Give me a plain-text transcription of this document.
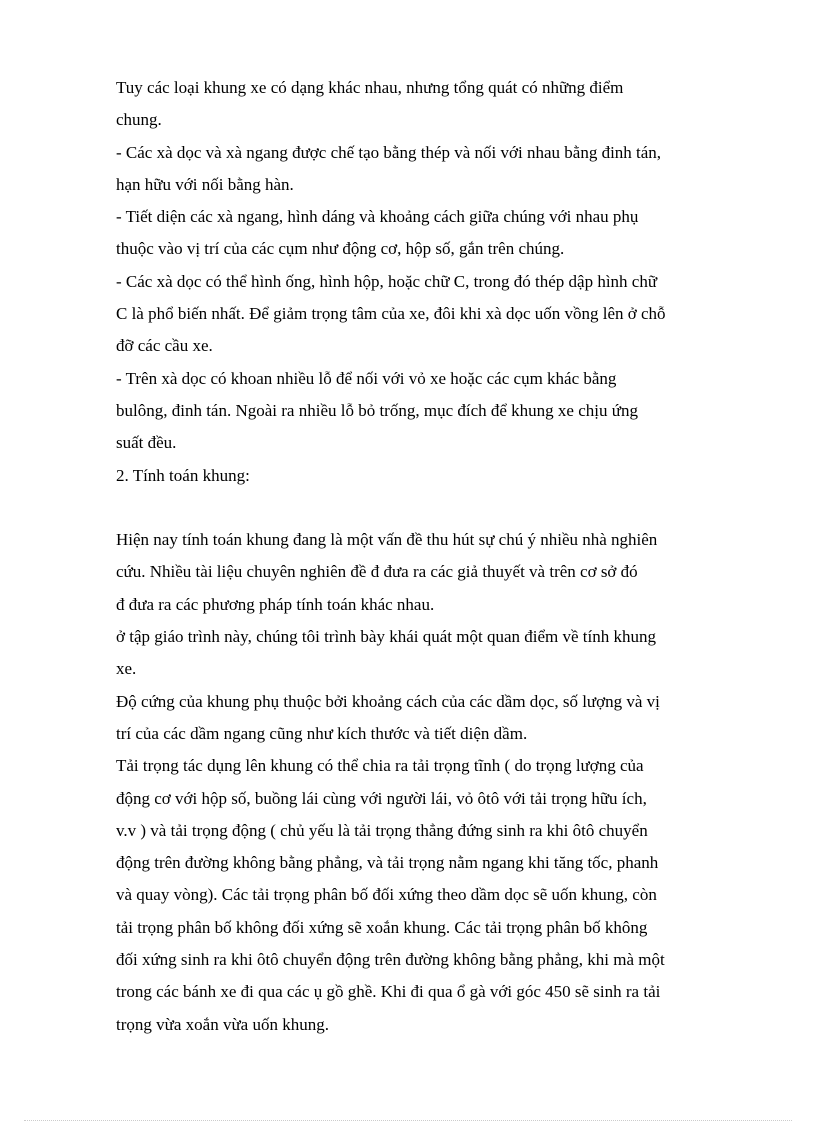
Tuy các loại khung xe có dạng khác nhau, nhưng tổng quát có những điểm
chung.
- Các xà dọc và xà ngang được chế tạo bằng thép và nối với nhau bằng đinh tán,
hạn hữu với nối bằng hàn.
- Tiết diện các xà ngang, hình dáng và khoảng cách giữa chúng với nhau phụ
thuộc vào vị trí của các cụm như động cơ, hộp số, gắn trên chúng.
- Các xà dọc có thể hình ống, hình hộp, hoặc chữ C, trong đó thép dập hình chữ
C là phổ biến nhất. Để giảm trọng tâm của xe, đôi khi xà dọc uốn vồng lên ở chỗ
đỡ các cầu xe.
- Trên xà dọc có khoan nhiều lỗ để nối với vỏ xe hoặc các cụm khác bằng
bulông, đinh tán. Ngoài ra nhiều lỗ bỏ trống, mục đích để khung xe chịu ứng
suất đều.
2. Tính toán khung:
Hiện nay tính toán khung đang là một vấn đề thu hút sự chú ý nhiều nhà nghiên
cứu. Nhiều tài liệu chuyên nghiên đề đ đưa ra các giả thuyết và trên cơ sở đó
đ đưa ra các phương pháp tính toán khác nhau.
ở tập giáo trình này, chúng tôi trình bày khái quát một quan điểm về tính khung
xe.
Độ cứng của khung phụ thuộc bởi khoảng cách của các dầm dọc, số lượng và vị
trí của các dầm ngang cũng như kích thước và tiết diện dầm.
Tải trọng tác dụng lên khung có thể chia ra tải trọng tĩnh ( do trọng lượng của
động cơ với hộp số, buồng lái cùng với người lái, vỏ ôtô với tải trọng hữu ích,
v.v ) và tải trọng động ( chủ yếu là tải trọng thẳng đứng sinh ra khi ôtô chuyển
động trên đường không bằng phẳng, và tải trọng nằm ngang khi tăng tốc, phanh
và quay vòng). Các tải trọng phân bố đối xứng theo dầm dọc sẽ uốn khung, còn
tải trọng phân bố không đối xứng sẽ xoắn khung. Các tải trọng phân bố không
đối xứng sinh ra khi ôtô chuyển động trên đường không bằng phẳng, khi mà một
trong các bánh xe đi qua các ụ gồ ghề. Khi đi qua ổ gà với góc 450 sẽ sinh ra tải
trọng vừa xoắn vừa uốn khung.
